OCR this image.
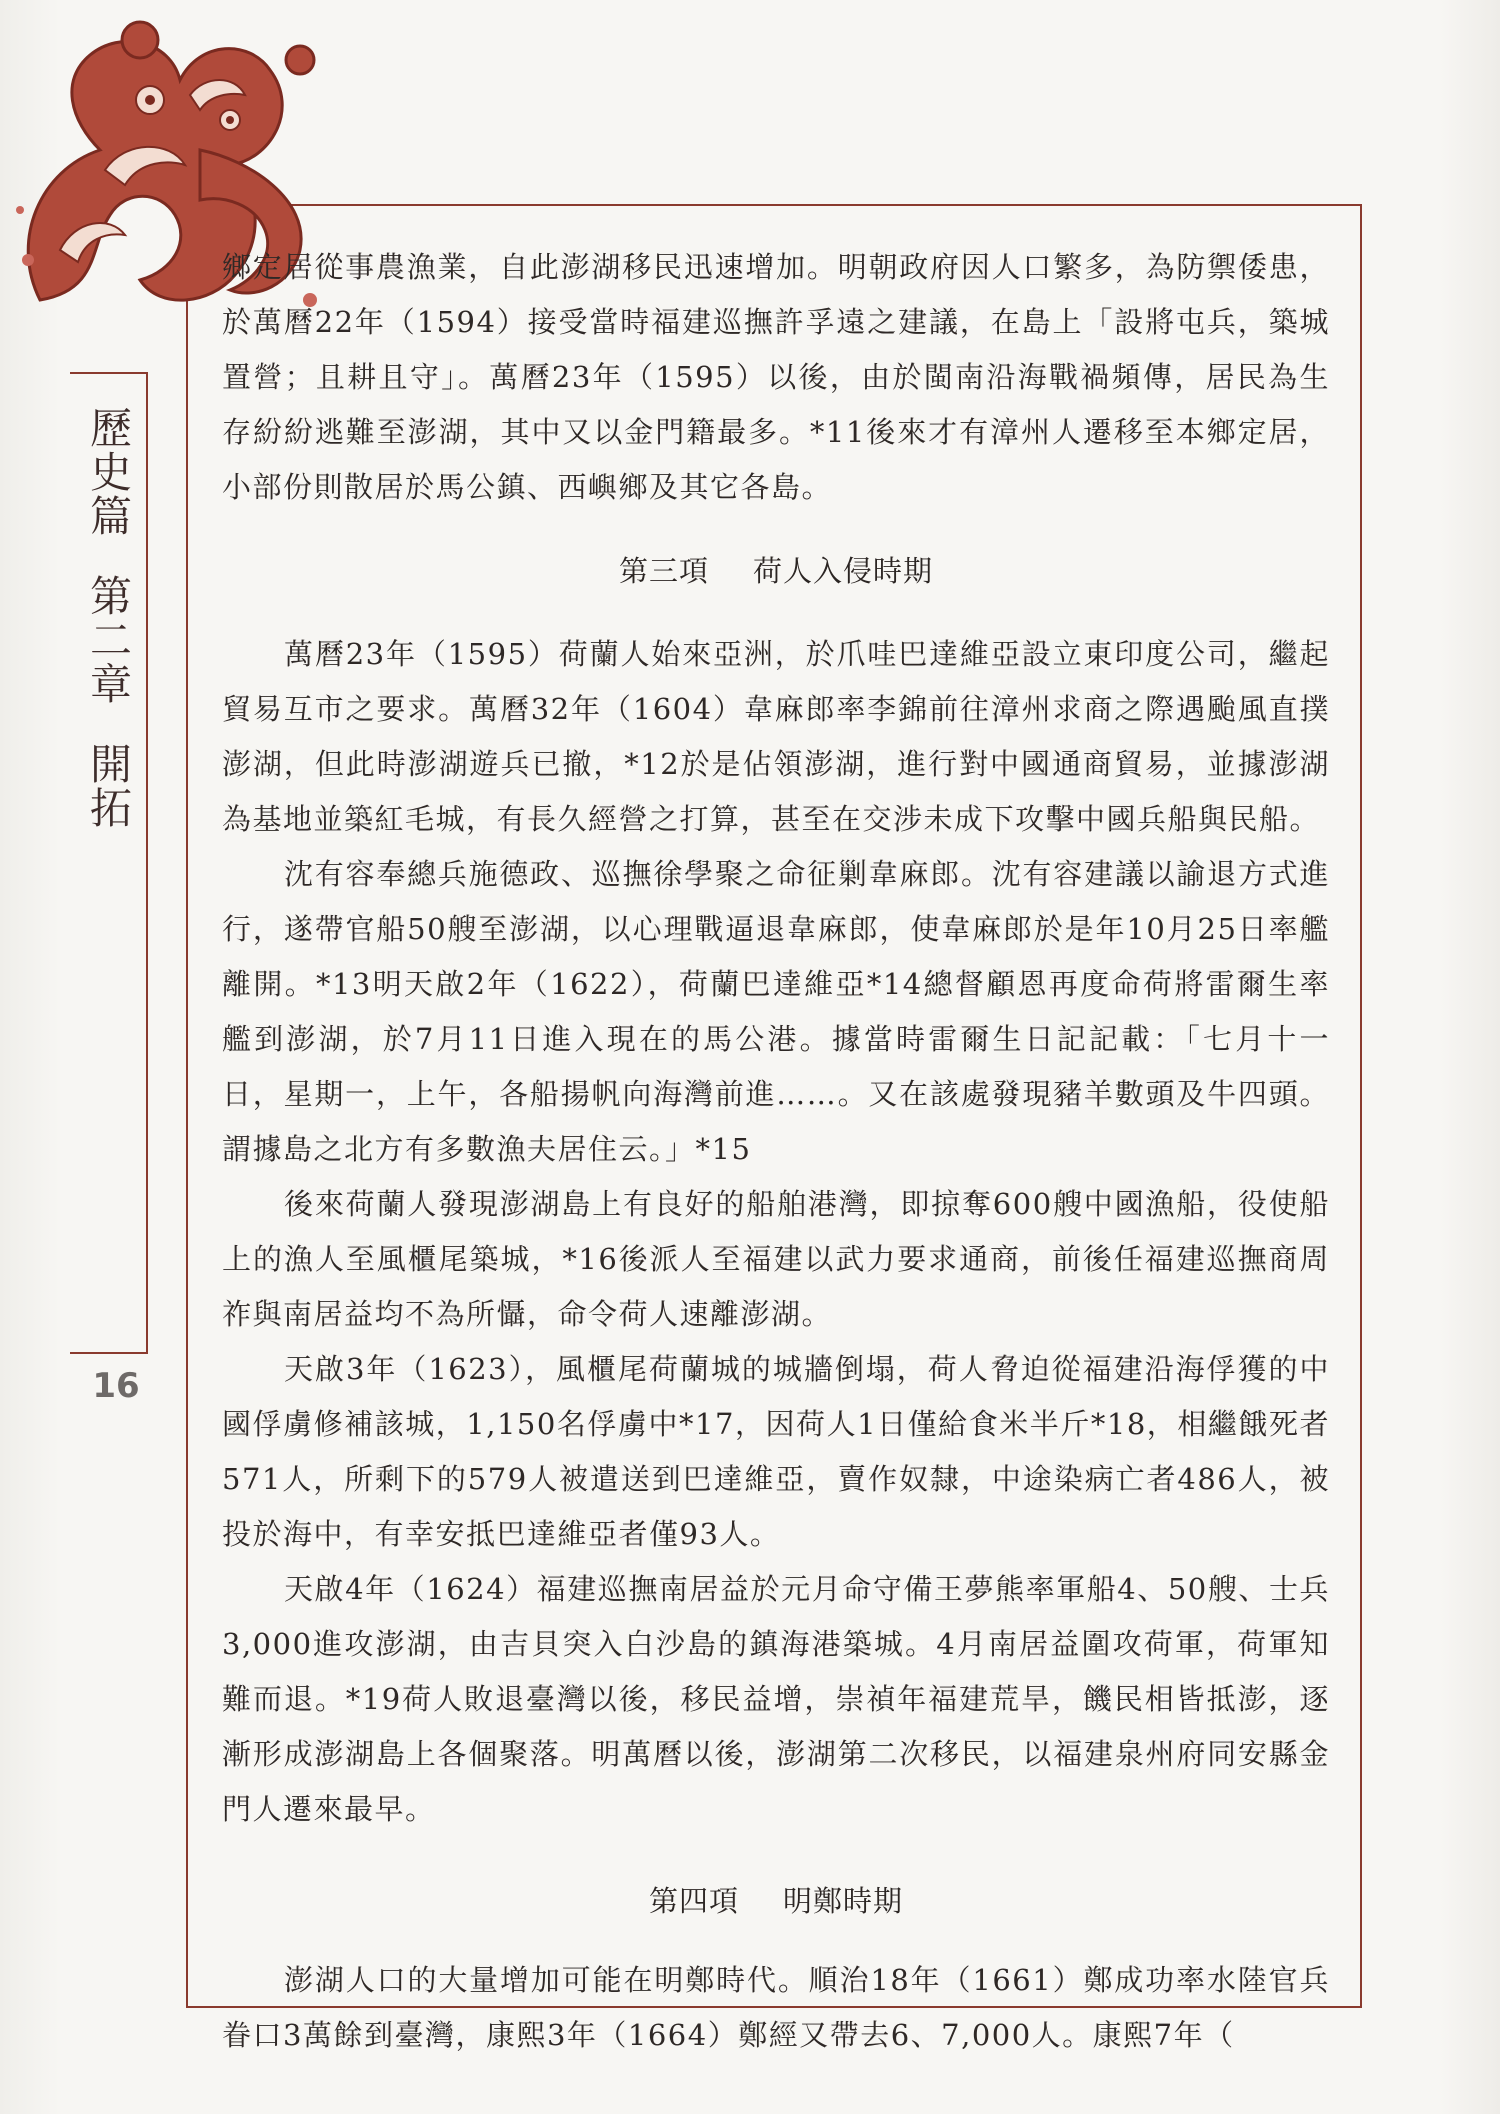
歷史篇第二章開拓
16

鄉定居從事農漁業，自此澎湖移民迅速增加。明朝政府因人口繁多，為防禦倭患，於萬曆22年（1594）接受當時福建巡撫許孚遠之建議，在島上「設將屯兵，築城置營；且耕且守」。萬曆23年（1595）以後，由於閩南沿海戰禍頻傳，居民為生存紛紛逃難至澎湖，其中又以金門籍最多。*11後來才有漳州人遷移至本鄉定居，小部份則散居於馬公鎮、西嶼鄉及其它各島。

第三項 荷人入侵時期

萬曆23年（1595）荷蘭人始來亞洲，於爪哇巴達維亞設立東印度公司，繼起貿易互市之要求。萬曆32年（1604）韋麻郎率李錦前往漳州求商之際遇颱風直撲澎湖，但此時澎湖遊兵已撤，*12於是佔領澎湖，進行對中國通商貿易，並據澎湖為基地並築紅毛城，有長久經營之打算，甚至在交涉未成下攻擊中國兵船與民船。

沈有容奉總兵施德政、巡撫徐學聚之命征剿韋麻郎。沈有容建議以諭退方式進行，遂帶官船50艘至澎湖，以心理戰逼退韋麻郎，使韋麻郎於是年10月25日率艦離開。*13明天啟2年（1622），荷蘭巴達維亞*14總督顧恩再度命荷將雷爾生率艦到澎湖，於7月11日進入現在的馬公港。據當時雷爾生日記記載：「七月十一日，星期一，上午，各船揚帆向海灣前進……。又在該處發現豬羊數頭及牛四頭。謂據島之北方有多數漁夫居住云。」*15

後來荷蘭人發現澎湖島上有良好的船舶港灣，即掠奪600艘中國漁船，役使船上的漁人至風櫃尾築城，*16後派人至福建以武力要求通商，前後任福建巡撫商周祚與南居益均不為所懾，命令荷人速離澎湖。

天啟3年（1623），風櫃尾荷蘭城的城牆倒塌，荷人脅迫從福建沿海俘獲的中國俘虜修補該城，1,150名俘虜中*17，因荷人1日僅給食米半斤*18，相繼餓死者571人，所剩下的579人被遣送到巴達維亞，賣作奴隸，中途染病亡者486人，被投於海中，有幸安抵巴達維亞者僅93人。

天啟4年（1624）福建巡撫南居益於元月命守備王夢熊率軍船4、50艘、士兵3,000進攻澎湖，由吉貝突入白沙島的鎮海港築城。4月南居益圍攻荷軍，荷軍知難而退。*19荷人敗退臺灣以後，移民益增，崇禎年福建荒旱，饑民相皆抵澎，逐漸形成澎湖島上各個聚落。明萬曆以後，澎湖第二次移民，以福建泉州府同安縣金門人遷來最早。

第四項 明鄭時期

澎湖人口的大量增加可能在明鄭時代。順治18年（1661）鄭成功率水陸官兵眷口3萬餘到臺灣，康熙3年（1664）鄭經又帶去6、7,000人。康熙7年（
